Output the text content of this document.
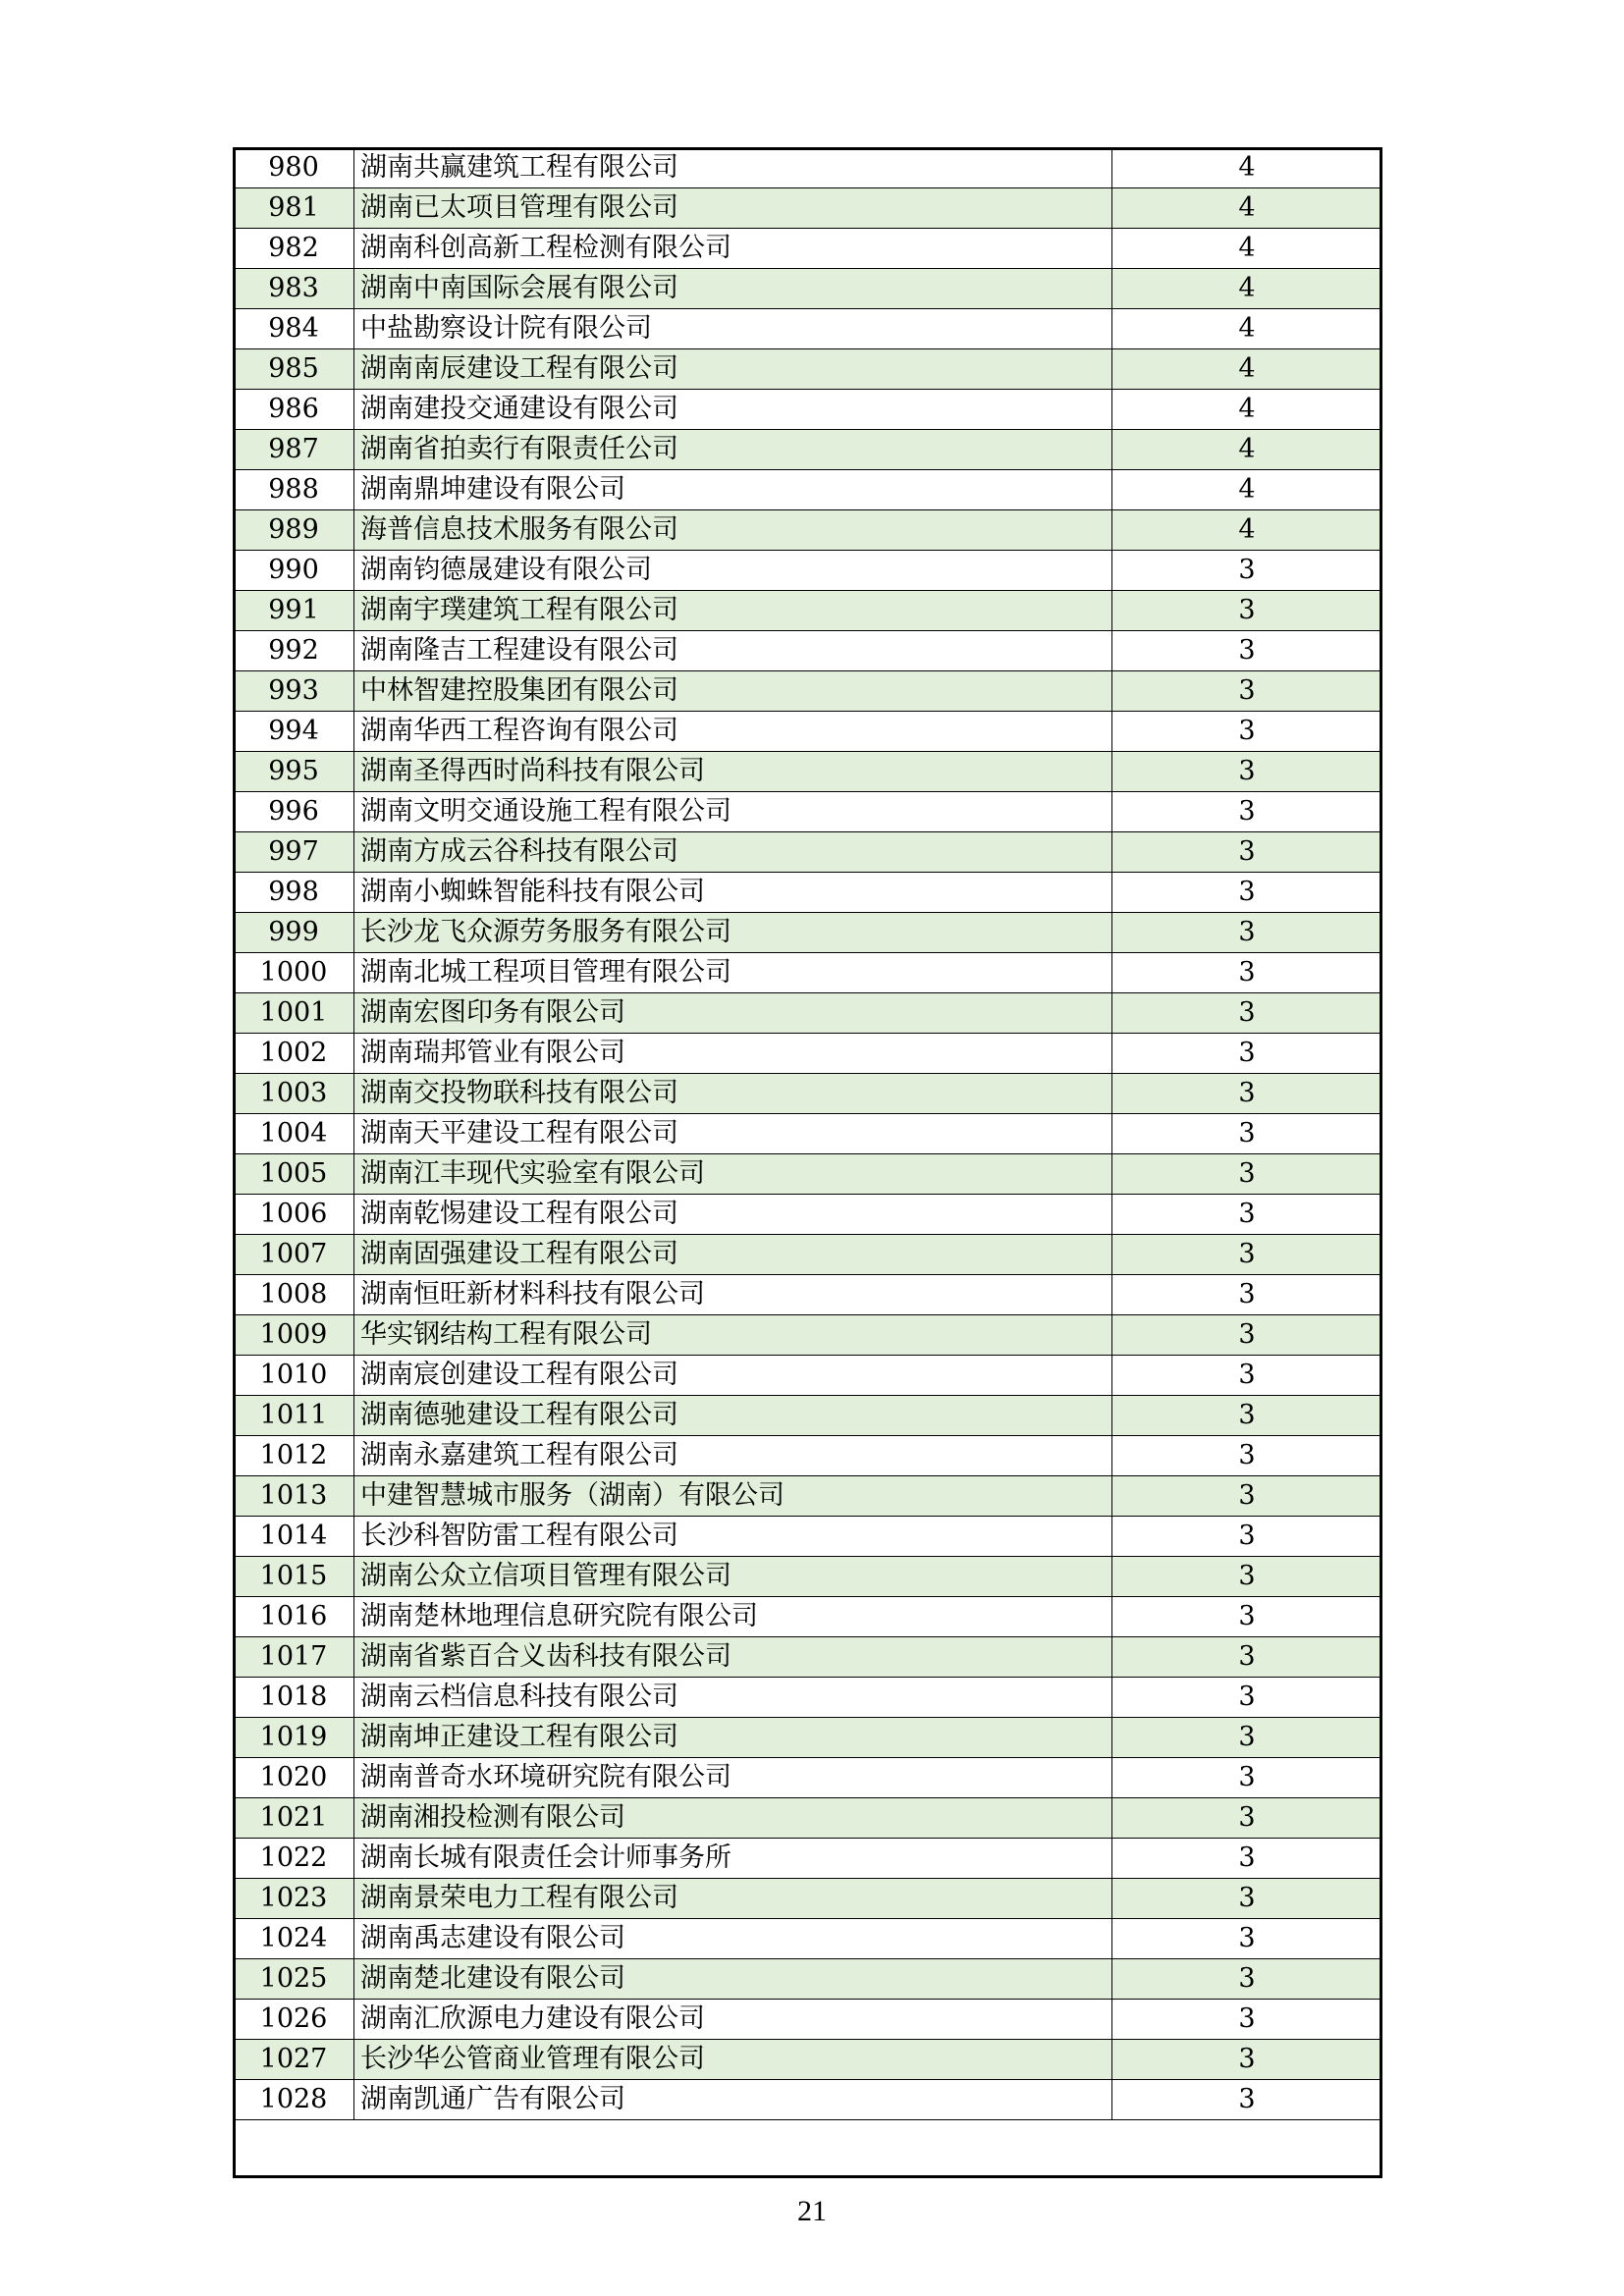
980	湖南共赢建筑工程有限公司	4
981	湖南已太项目管理有限公司	4
982	湖南科创高新工程检测有限公司	4
983	湖南中南国际会展有限公司	4
984	中盐勘察设计院有限公司	4
985	湖南南辰建设工程有限公司	4
986	湖南建投交通建设有限公司	4
987	湖南省拍卖行有限责任公司	4
988	湖南鼎坤建设有限公司	4
989	海普信息技术服务有限公司	4
990	湖南钧德晟建设有限公司	3
991	湖南宇璞建筑工程有限公司	3
992	湖南隆吉工程建设有限公司	3
993	中林智建控股集团有限公司	3
994	湖南华西工程咨询有限公司	3
995	湖南圣得西时尚科技有限公司	3
996	湖南文明交通设施工程有限公司	3
997	湖南方成云谷科技有限公司	3
998	湖南小蜘蛛智能科技有限公司	3
999	长沙龙飞众源劳务服务有限公司	3
1000	湖南北城工程项目管理有限公司	3
1001	湖南宏图印务有限公司	3
1002	湖南瑞邦管业有限公司	3
1003	湖南交投物联科技有限公司	3
1004	湖南天平建设工程有限公司	3
1005	湖南江丰现代实验室有限公司	3
1006	湖南乾惕建设工程有限公司	3
1007	湖南固强建设工程有限公司	3
1008	湖南恒旺新材料科技有限公司	3
1009	华实钢结构工程有限公司	3
1010	湖南宸创建设工程有限公司	3
1011	湖南德驰建设工程有限公司	3
1012	湖南永嘉建筑工程有限公司	3
1013	中建智慧城市服务（湖南）有限公司	3
1014	长沙科智防雷工程有限公司	3
1015	湖南公众立信项目管理有限公司	3
1016	湖南楚林地理信息研究院有限公司	3
1017	湖南省紫百合义齿科技有限公司	3
1018	湖南云档信息科技有限公司	3
1019	湖南坤正建设工程有限公司	3
1020	湖南普奇水环境研究院有限公司	3
1021	湖南湘投检测有限公司	3
1022	湖南长城有限责任会计师事务所	3
1023	湖南景荣电力工程有限公司	3
1024	湖南禹志建设有限公司	3
1025	湖南楚北建设有限公司	3
1026	湖南汇欣源电力建设有限公司	3
1027	长沙华公管商业管理有限公司	3
1028	湖南凯通广告有限公司	3
21
